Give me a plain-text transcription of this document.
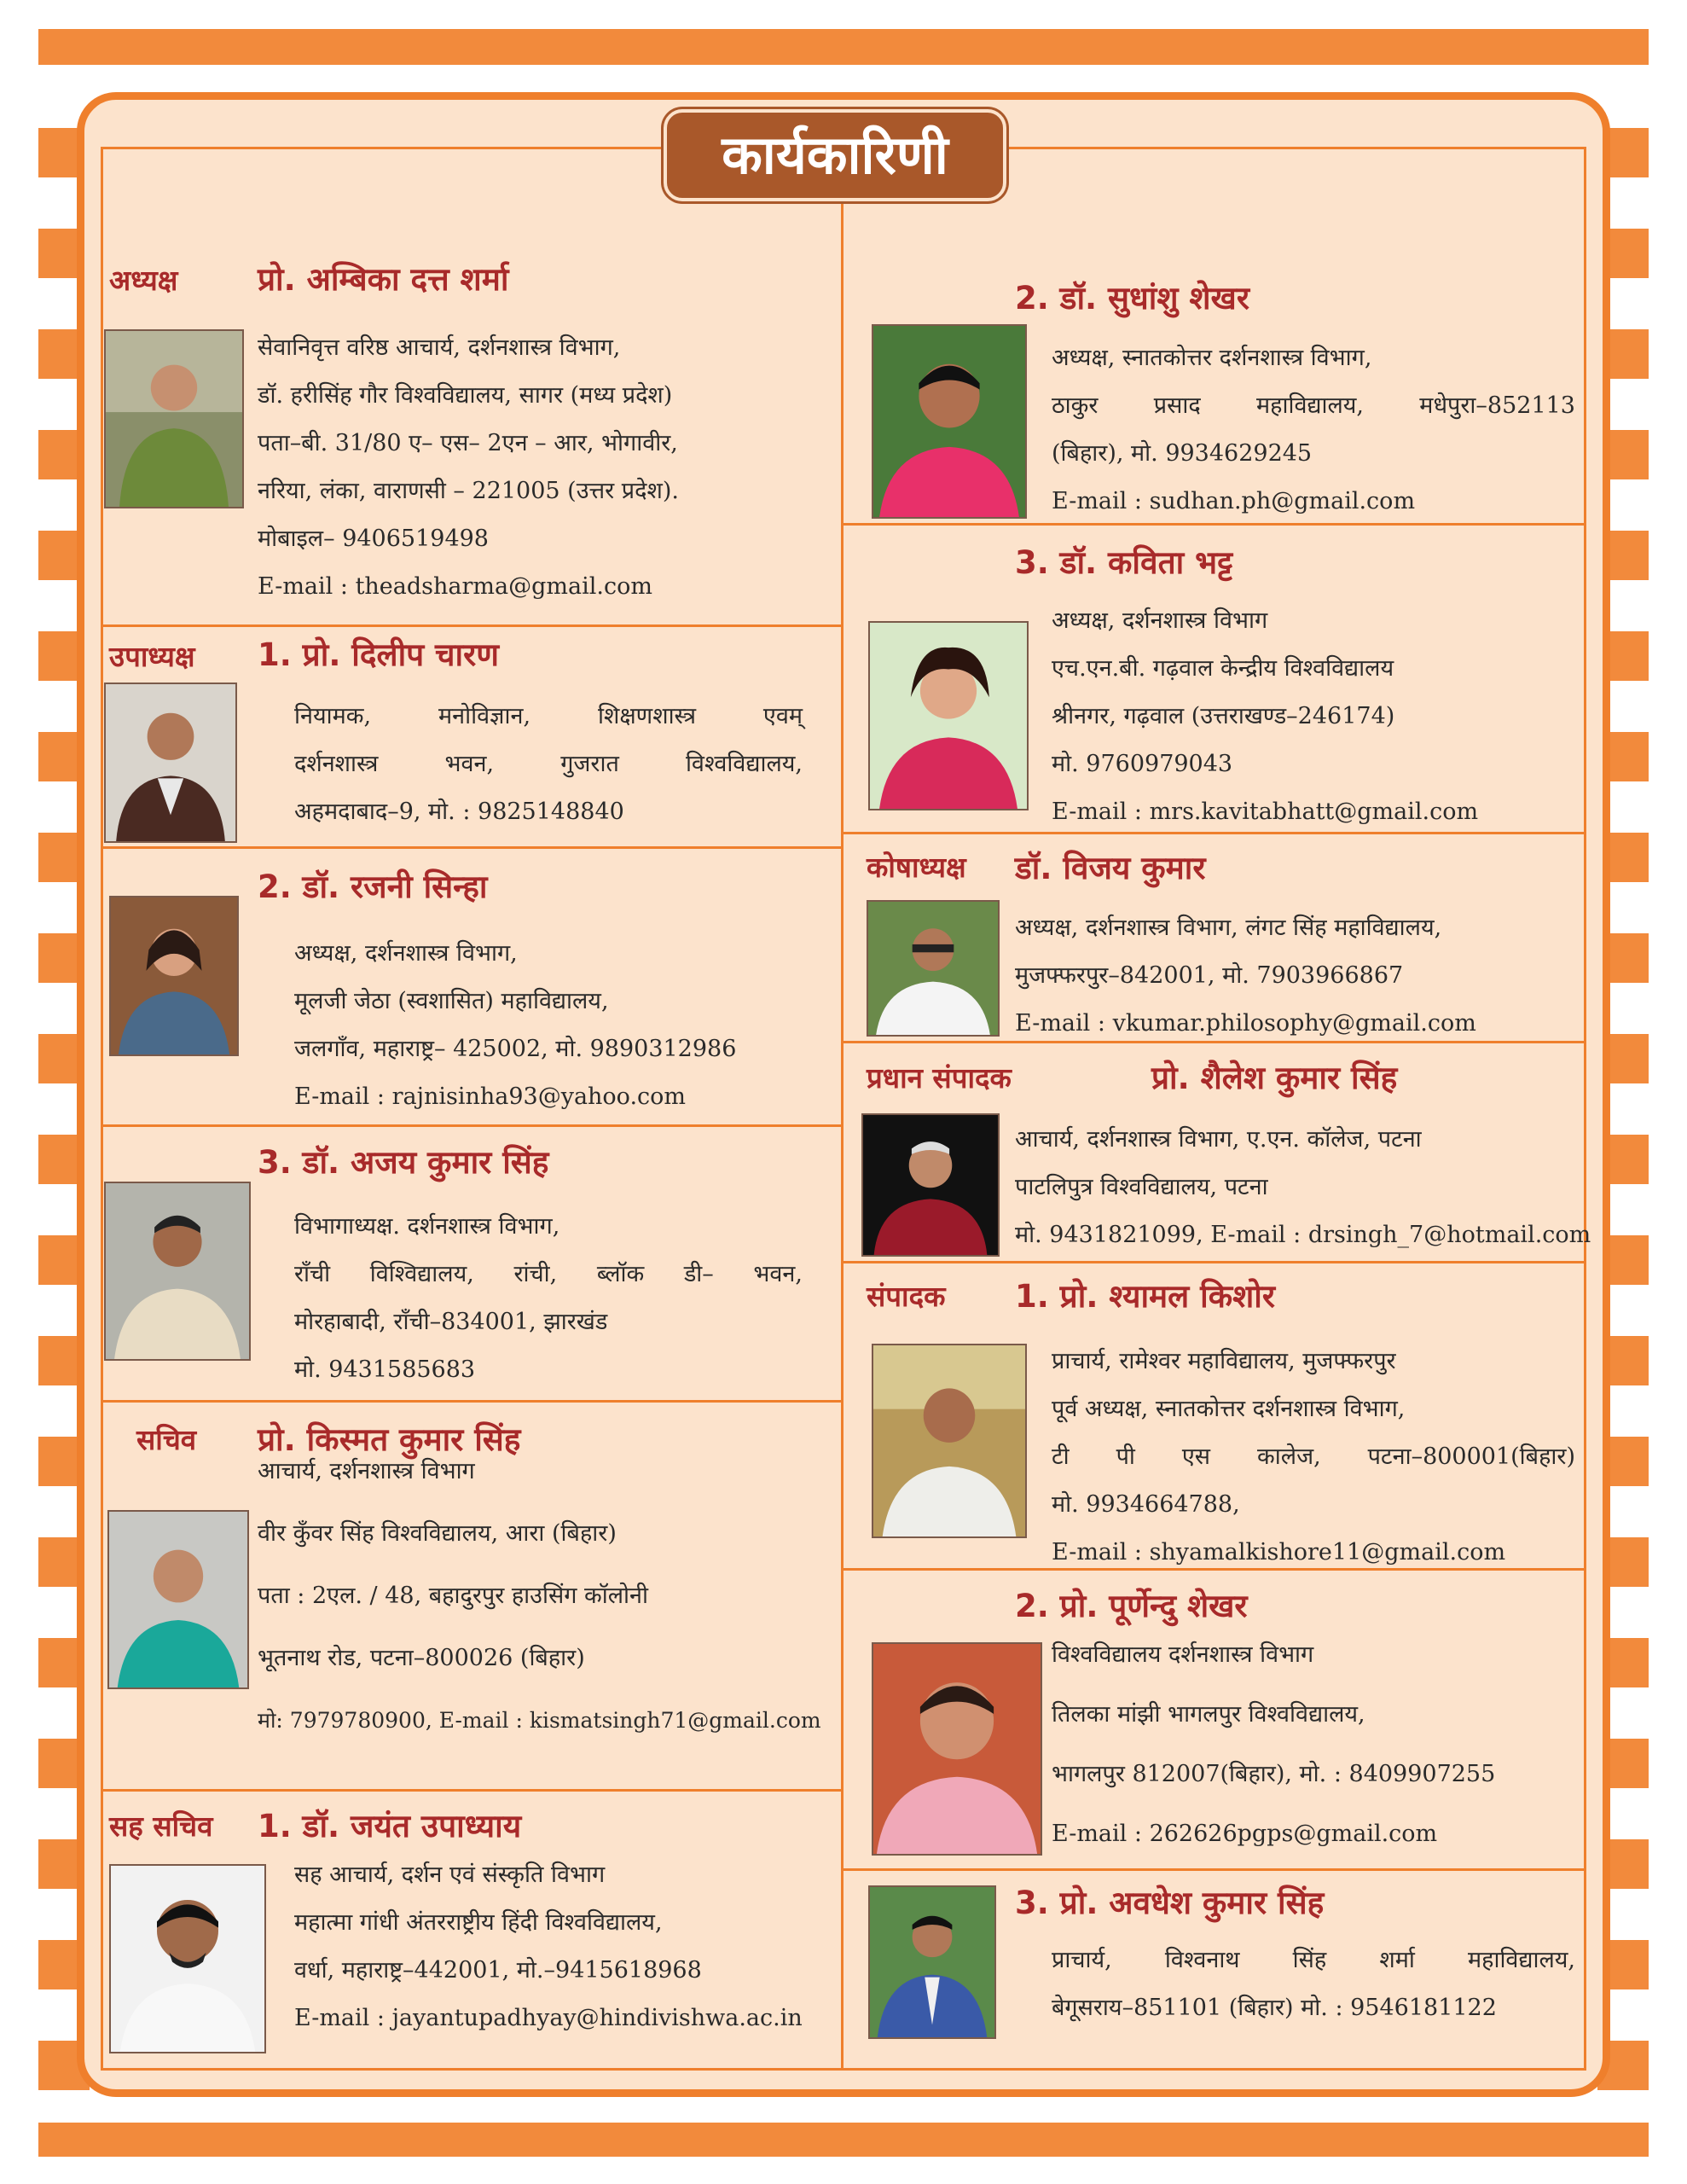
कार्यकारिणी
अध्यक्ष	प्रो. अम्बिका दत्त शर्मा
सेवानिवृत्त वरिष्ठ आचार्य, दर्शनशास्त्र विभाग,
डॉ. हरीसिंह गौर विश्वविद्यालय, सागर (मध्य प्रदेश)
पता–बी. 31/80 ए– एस– 2एन – आर, भोगावीर,
नरिया, लंका, वाराणसी – 221005 (उत्तर प्रदेश).
मोबाइल– 9406519498
E-mail : theadsharma@gmail.com
उपाध्यक्ष 1. प्रो. दिलीप चारण
नियामक, मनोविज्ञान, शिक्षणशास्त्र एवम्
दर्शनशास्त्र भवन, गुजरात विश्वविद्यालय,
अहमदाबाद–9, मो. : 9825148840
2. डॉ. रजनी सिन्हा
अध्यक्ष, दर्शनशास्त्र विभाग,
मूलजी जेठा (स्वशासित) महाविद्यालय,
जलगाँव, महाराष्ट्र– 425002, मो. 9890312986
E-mail : rajnisinha93@yahoo.com
3. डॉ. अजय कुमार सिंह
विभागाध्यक्ष. दर्शनशास्त्र विभाग,
राँची विश्विद्यालय, रांची, ब्लॉक डी– भवन,
मोरहाबादी, राँची–834001, झारखंड
मो. 9431585683
सचिव प्रो. किस्मत कुमार सिंह
आचार्य, दर्शनशास्त्र विभाग
वीर कुँवर सिंह विश्वविद्यालय, आरा (बिहार)
पता : 2एल. / 48, बहादुरपुर हाउसिंग कॉलोनी
भूतनाथ रोड, पटना–800026 (बिहार)
मो: 7979780900, E-mail : kismatsingh71@gmail.com
सह सचिव 1. डॉ. जयंत उपाध्याय
सह आचार्य, दर्शन एवं संस्कृति विभाग
महात्मा गांधी अंतरराष्ट्रीय हिंदी विश्वविद्यालय,
वर्धा, महाराष्ट्र–442001, मो.–9415618968
E-mail : jayantupadhyay@hindivishwa.ac.in
2. डॉ. सुधांशु शेखर
अध्यक्ष, स्नातकोत्तर दर्शनशास्त्र विभाग,
ठाकुर प्रसाद महाविद्यालय, मधेपुरा–852113
(बिहार), मो. 9934629245
E-mail : sudhan.ph@gmail.com
3. डॉ. कविता भट्ट
अध्यक्ष, दर्शनशास्त्र विभाग
एच.एन.बी. गढ़वाल केन्द्रीय विश्वविद्यालय
श्रीनगर, गढ़वाल (उत्तराखण्ड–246174)
मो. 9760979043
E-mail : mrs.kavitabhatt@gmail.com
कोषाध्यक्ष डॉ. विजय कुमार
अध्यक्ष, दर्शनशास्त्र विभाग, लंगट सिंह महाविद्यालय,
मुजफ्फरपुर–842001, मो. 7903966867
E-mail : vkumar.philosophy@gmail.com
प्रधान संपादक	प्रो. शैलेश कुमार सिंह
आचार्य, दर्शनशास्त्र विभाग, ए.एन. कॉलेज, पटना
पाटलिपुत्र विश्वविद्यालय, पटना
मो. 9431821099, E-mail : drsingh_7@hotmail.com
संपादक 1. प्रो. श्यामल किशोर
प्राचार्य, रामेश्वर महाविद्यालय, मुजफ्फरपुर
पूर्व अध्यक्ष, स्नातकोत्तर दर्शनशास्त्र विभाग,
टी पी एस कालेज, पटना–800001(बिहार)
मो. 9934664788,
E-mail : shyamalkishore11@gmail.com
2. प्रो. पूर्णेन्दु शेखर
विश्वविद्यालय दर्शनशास्त्र विभाग
तिलका मांझी भागलपुर विश्वविद्यालय,
भागलपुर 812007(बिहार), मो. : 8409907255
E-mail : 262626pgps@gmail.com
3. प्रो. अवधेश कुमार सिंह
प्राचार्य, विश्वनाथ सिंह शर्मा महाविद्यालय,
बेगूसराय–851101 (बिहार) मो. : 9546181122
